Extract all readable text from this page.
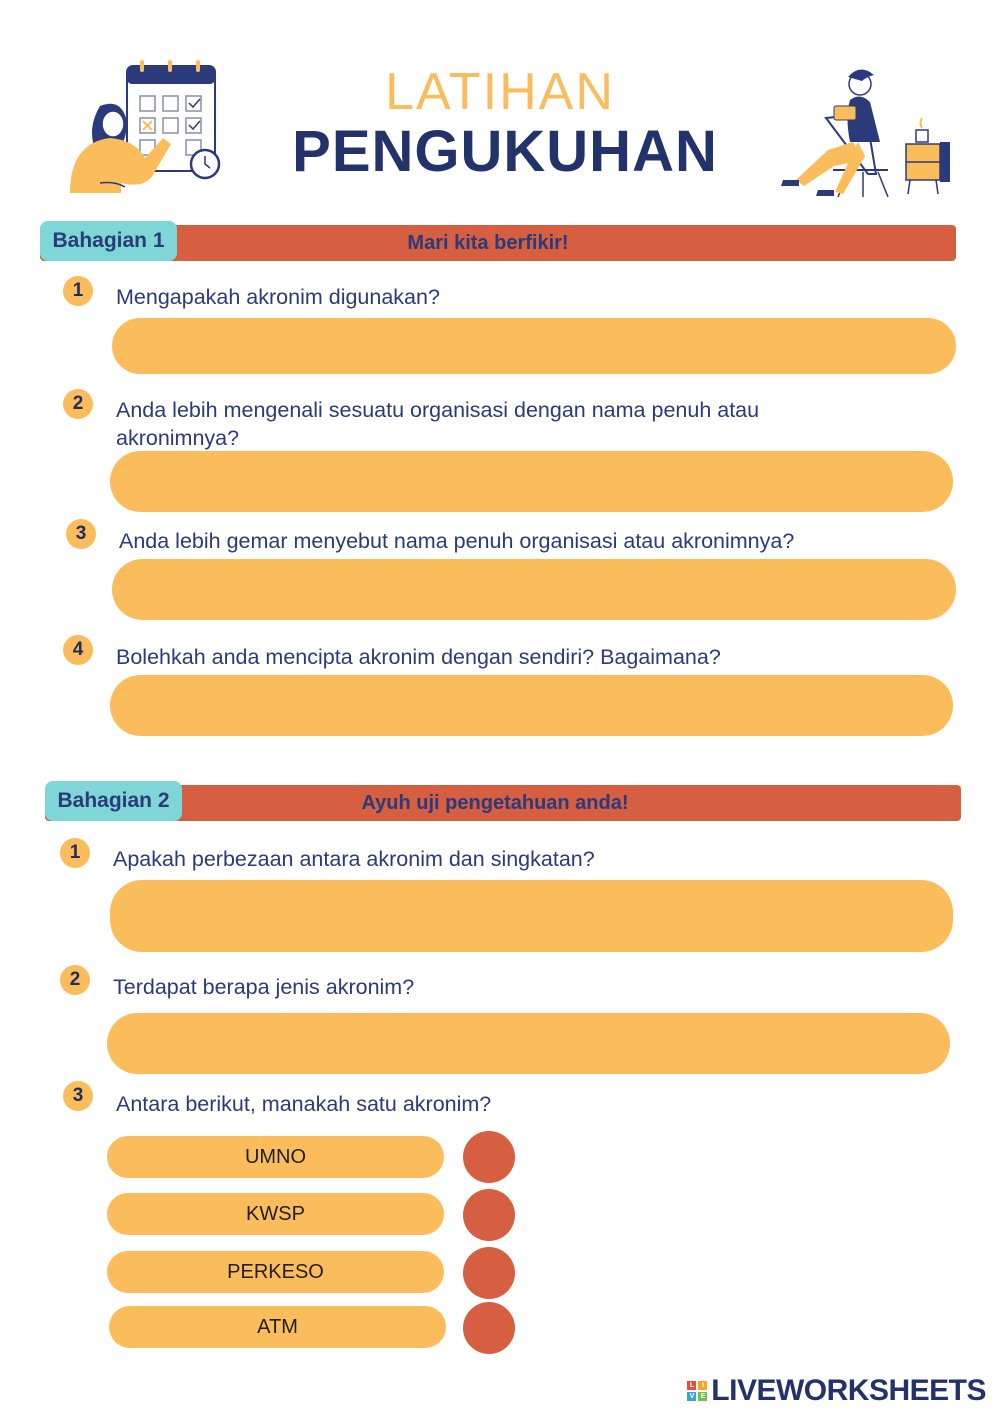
LATIHAN
PENGUKUHAN
Mari kita berfikir!
Bahagian 1
1	Mengapakah akronim digunakan?
2	Anda lebih mengenali sesuatu organisasi dengan nama penuh atau akronimnya?
3	Anda lebih gemar menyebut nama penuh organisasi atau akronimnya?
4	Bolehkah anda mencipta akronim dengan sendiri? Bagaimana?
Ayuh uji pengetahuan anda!
Bahagian 2
1	Apakah perbezaan antara akronim dan singkatan?
2	Terdapat berapa jenis akronim?
3	Antara berikut, manakah satu akronim?
UMNO
KWSP
PERKESO
ATM
L	I
V E LIVEWORKSHEETS
